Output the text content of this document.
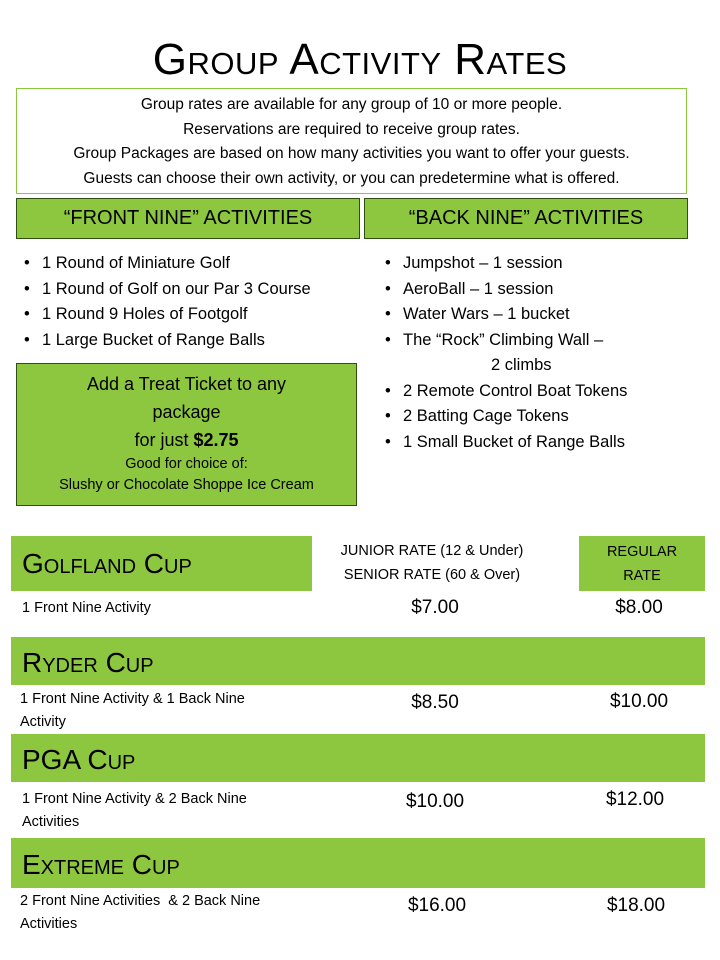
Group Activity Rates
Group rates are available for any group of 10 or more people.
Reservations are required to receive group rates.
Group Packages are based on how many activities you want to offer your guests.
Guests can choose their own activity, or you can predetermine what is offered.
“FRONT NINE” ACTIVITIES	“BACK NINE” ACTIVITIES
• 1 Round of Miniature Golf
• 1 Round of Golf on our Par 3 Course
• 1 Round 9 Holes of Footgolf
• 1 Large Bucket of Range Balls
• Jumpshot – 1 session
• AeroBall – 1 session
• Water Wars – 1 bucket
• The “Rock” Climbing Wall –
2 climbs
• 2 Remote Control Boat Tokens
• 2 Batting Cage Tokens
• 1 Small Bucket of Range Balls
Add a Treat Ticket to any
package
for just $2.75
Good for choice of:
Slushy or Chocolate Shoppe Ice Cream
JUNIOR RATE (12 & Under)
SENIOR RATE (60 & Over)
REGULAR
RATE
Golfland Cup
1 Front Nine Activity	$7.00	$8.00
Ryder Cup
1 Front Nine Activity & 1 Back Nine
Activity
$8.50	$10.00
PGA Cup
1 Front Nine Activity & 2 Back Nine
Activities
$10.00	$12.00
Extreme Cup
2 Front Nine Activities  & 2 Back Nine
Activities
$16.00	$18.00
